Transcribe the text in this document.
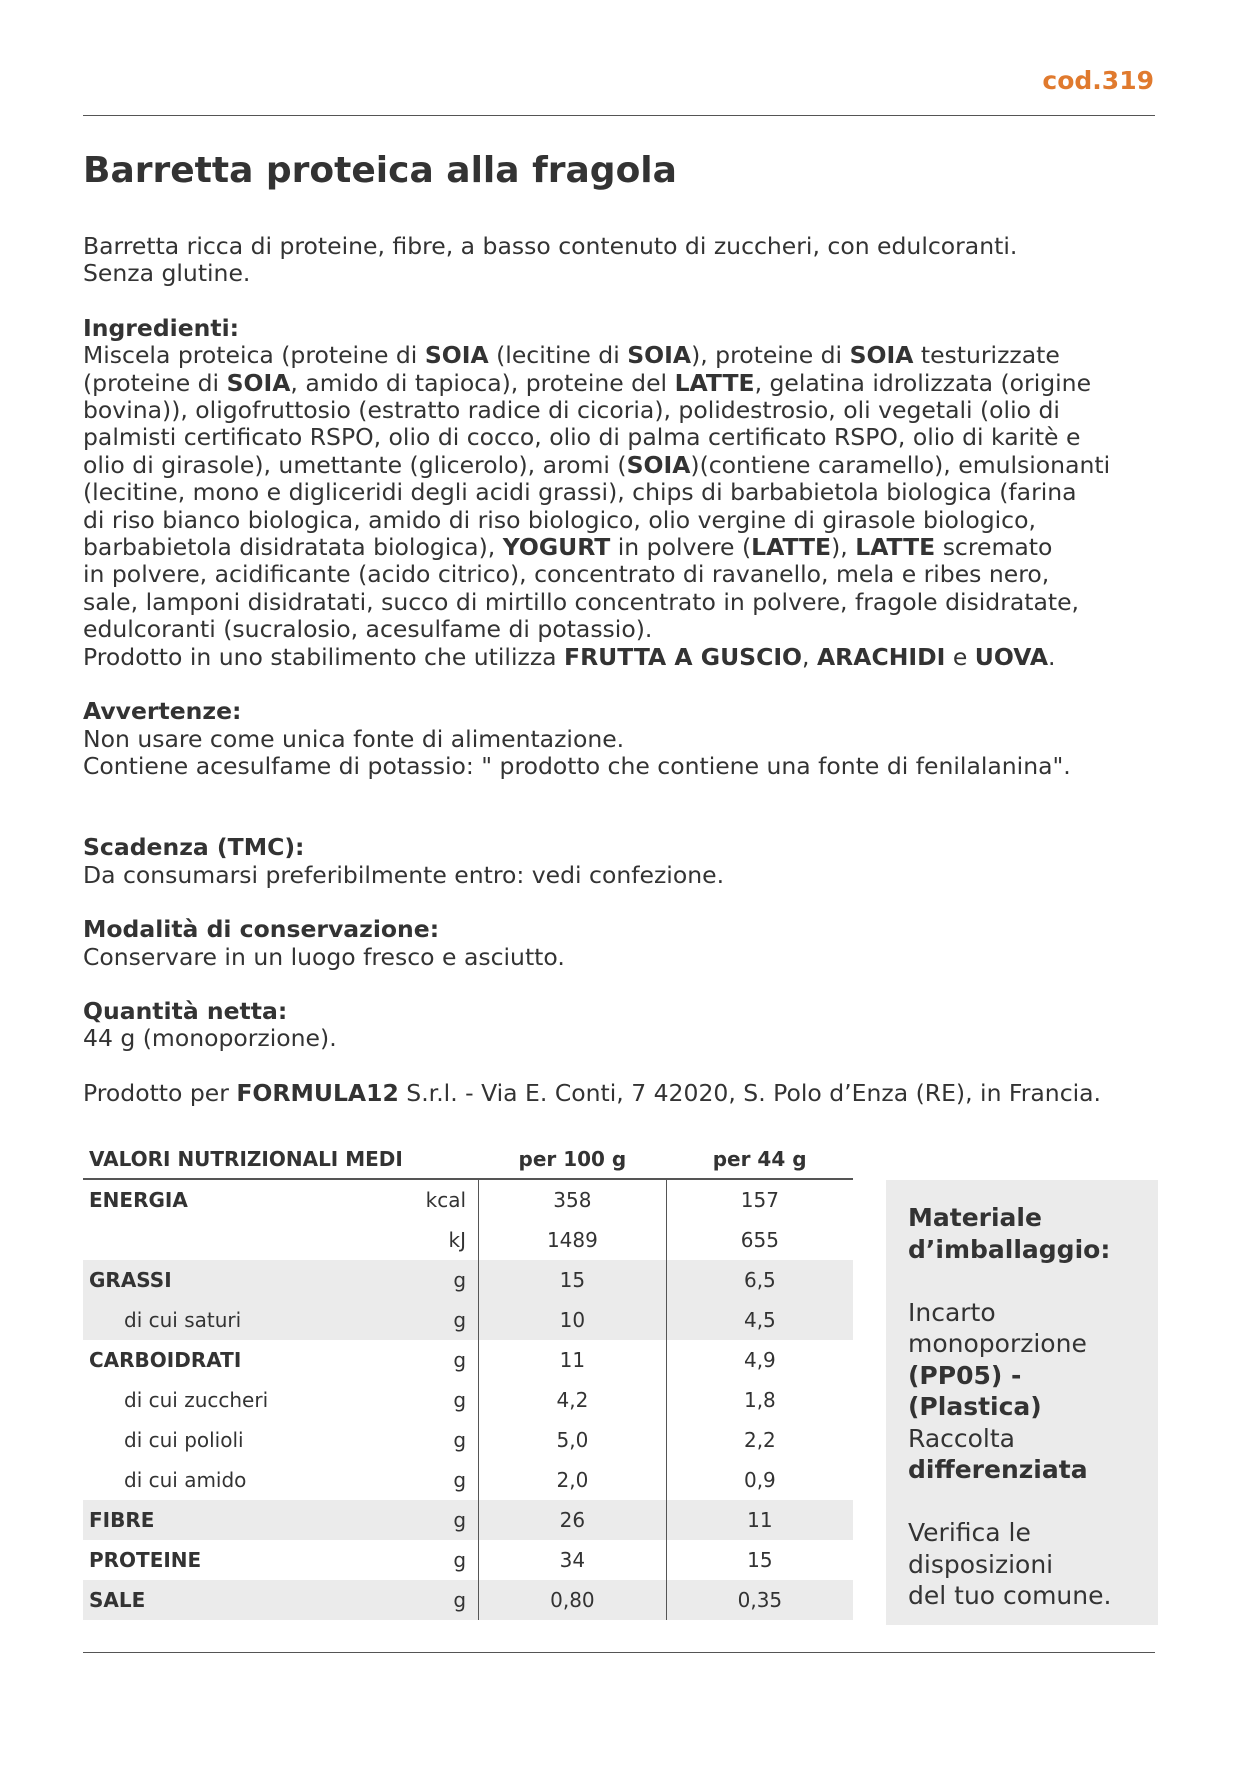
cod.319
Barretta proteica alla fragola

Barretta ricca di proteine, fibre, a basso contenuto di zuccheri, con edulcoranti.

Senza glutine.

Ingredienti:

Miscela proteica (proteine di SOIA (lecitine di SOIA), proteine di SOIA testurizzate

(proteine di SOIA, amido di tapioca), proteine del LATTE, gelatina idrolizzata (origine

bovina)), oligofruttosio (estratto radice di cicoria), polidestrosio, oli vegetali (olio di

palmisti certificato RSPO, olio di cocco, olio di palma certificato RSPO, olio di karitè e

olio di girasole), umettante (glicerolo), aromi (SOIA)(contiene caramello), emulsionanti

(lecitine, mono e digliceridi degli acidi grassi), chips di barbabietola biologica (farina

di riso bianco biologica, amido di riso biologico, olio vergine di girasole biologico,

barbabietola disidratata biologica), YOGURT in polvere (LATTE), LATTE scremato

in polvere, acidificante (acido citrico), concentrato di ravanello, mela e ribes nero,

sale, lamponi disidratati, succo di mirtillo concentrato in polvere, fragole disidratate,

edulcoranti (sucralosio, acesulfame di potassio).

Prodotto in uno stabilimento che utilizza FRUTTA A GUSCIO, ARACHIDI e UOVA.

Avvertenze:

Non usare come unica fonte di alimentazione.

Contiene acesulfame di potassio: " prodotto che contiene una fonte di fenilalanina".

Scadenza (TMC):

Da consumarsi preferibilmente entro: vedi confezione.

Modalità di conservazione:

Conservare in un luogo fresco e asciutto.

Quantità netta:

44 g (monoporzione).

Prodotto per FORMULA12 S.r.l. - Via E. Conti, 7 42020, S. Polo d’Enza (RE), in Francia.

VALORI NUTRIZIONALI MEDI		per 100 g	per 44 g
ENERGIA	kcal	358	157
	kJ	1489	655
GRASSI	g	15	6,5
di cui saturi	g	10	4,5
CARBOIDRATI	g	11	4,9
di cui zuccheri	g	4,2	1,8
di cui polioli	g	5,0	2,2
di cui amido	g	2,0	0,9
FIBRE	g	26	11
PROTEINE	g	34	15
SALE	g	0,80	0,35

Materiale

d’imballaggio:

Incarto

monoporzione

(PP05) - (Plastica)

Raccolta

differenziata

Verifica le

disposizioni

del tuo comune.
